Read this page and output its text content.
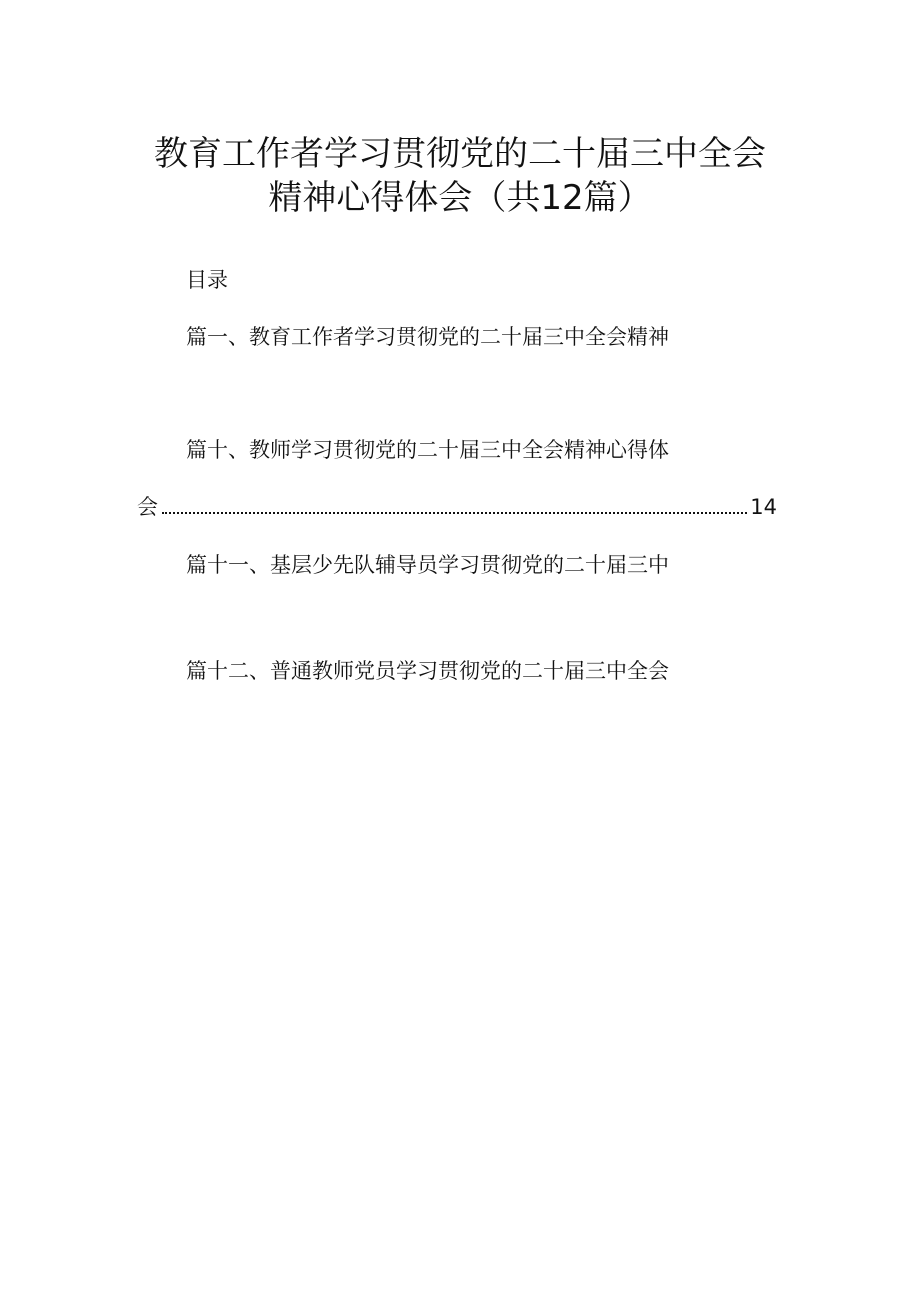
教育工作者学习贯彻党的二十届三中全会
精神心得体会（共12篇）
目录
篇一、教育工作者学习贯彻党的二十届三中全会精神
篇十、教师学习贯彻党的二十届三中全会精神心得体
会	14
篇十一、基层少先队辅导员学习贯彻党的二十届三中
篇十二、普通教师党员学习贯彻党的二十届三中全会
